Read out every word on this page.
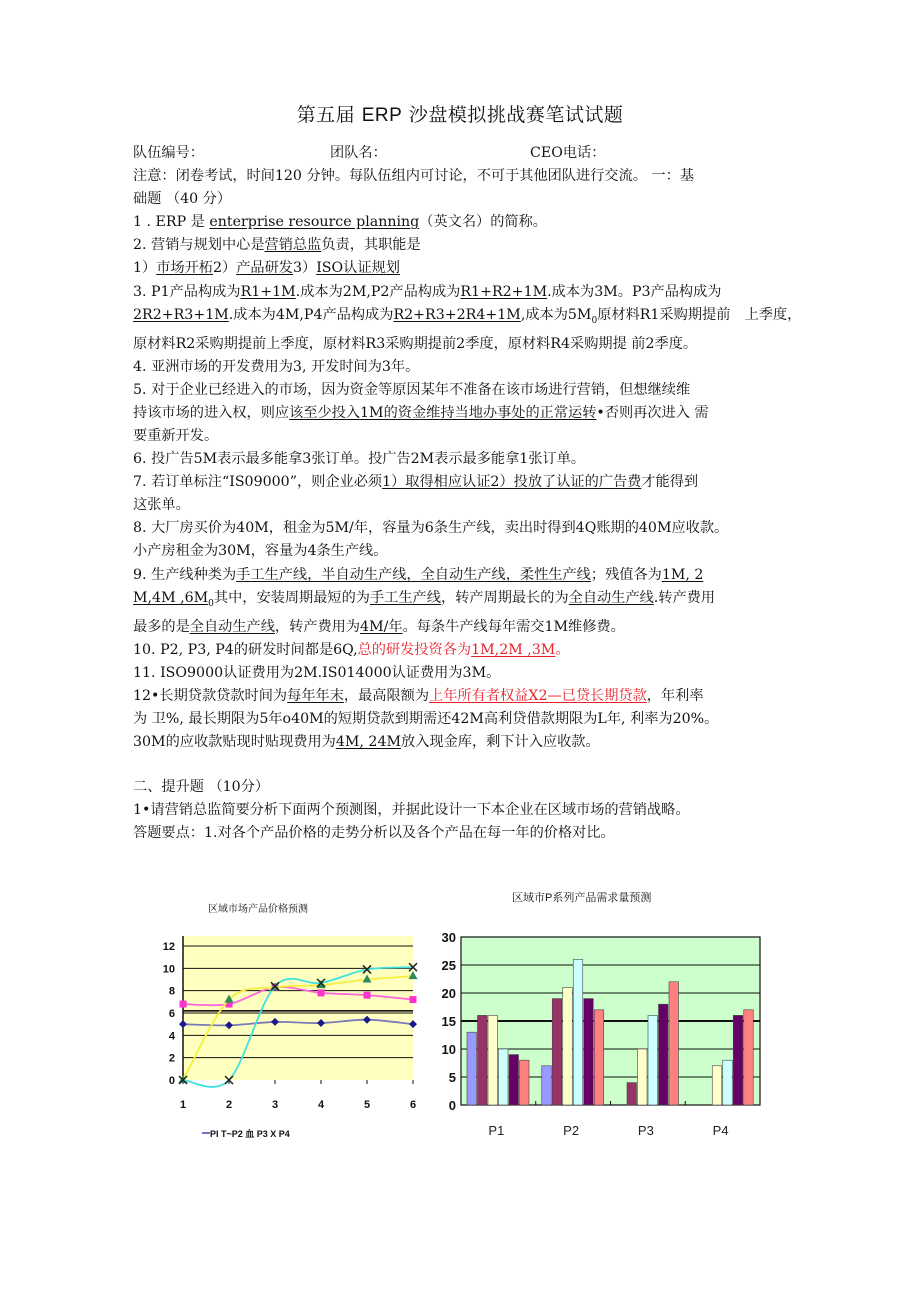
第五届 ERP 沙盘模拟挑战赛笔试试题

队伍编号：	团队名：	CEO电话：

注意：闭卷考试，时间120 分钟。每队伍组内可讨论，不可于其他团队进行交流。 一：基

础题 （40 分）

1 . ERP 是 enterprise resource planning（英文名）的简称。

2. 营销与规划中心是营销总监负责，其职能是

1）市场开柘2）产品研发3）ISO认证规划

3. P1产品构成为R1+1M.成本为2M,P2产品构成为R1+R2+1M.成本为3M。P3产品构成为

2R2+R3+1M.成本为4M,P4产品构成为R2+R3+2R4+1M,成本为$5M_0$原材料R1采购期提前　上季度，

原材料R2采购期提前上季度，原材料R3采购期提前2季度，原材料R4采购期提 前2季度。

4. 亚洲市场的开发费用为3, 开发时间为3年。

5. 对于企业已经进入的市场，因为资金等原因某年不准备在该市场进行营销，但想继续维

持该市场的进入权，则应该至少投入1M的资金维持当地办事处的正常运转•否则再次进入 需

要重新开发。

6. 投广告5M表示最多能拿3张订单。投广告2M表示最多能拿1张订单。

7. 若订单标注“IS09000”，则企业必须1）取得相应认证2）投放了认证的广告费才能得到

这张单。

8. 大厂房买价为40M，租金为5M/年，容量为6条生产线，卖出时得到4Q账期的40M应收款。

小产房租金为30M，容量为4条生产线。

9. 生产线种类为手工生产线，半自动生产线，全自动生产线，柔性生产线；残值各为1M, 2

M,4M $,6M_0$其中，安装周期最短的为手工生产线，转产周期最长的为全自动生产线.转产费用

最多的是全自动生产线，转产费用为4M/年。每条牛产线每年需交1M维修费。

10. P2, P3, P4的研发时间都是6Q,总的研发投资各为1M,2M ,3M。

11. ISO9000认证费用为2M.IS014000认证费用为3M。

12•长期贷款贷款时间为每年年末，最高限额为上年所有者权益X2—已贷长期贷款，年利率

为 卫%, 最长期限为5年o40M的短期贷款到期需还42M高利贷借款期限为L年, 利率为20%。

30M的应收款贴现时贴现费用为4M, 24M放入现金库，剩下计入应收款。

二、提升题 （10分）

1•请营销总监简要分析下面两个预测图，并据此设计一下本企业在区域市场的营销战略。

答题要点：1.对各个产品价格的走势分析以及各个产品在每一年的价格对比。

区域市场产品价格预测
0
2
4
6
8
10
12
1	2	3	4	5	6
PI T~P2 血 P3 X P4
区域市P系列产品需求量预测
0
5
10
15
20
25
30
P1	P2	P3	P4
